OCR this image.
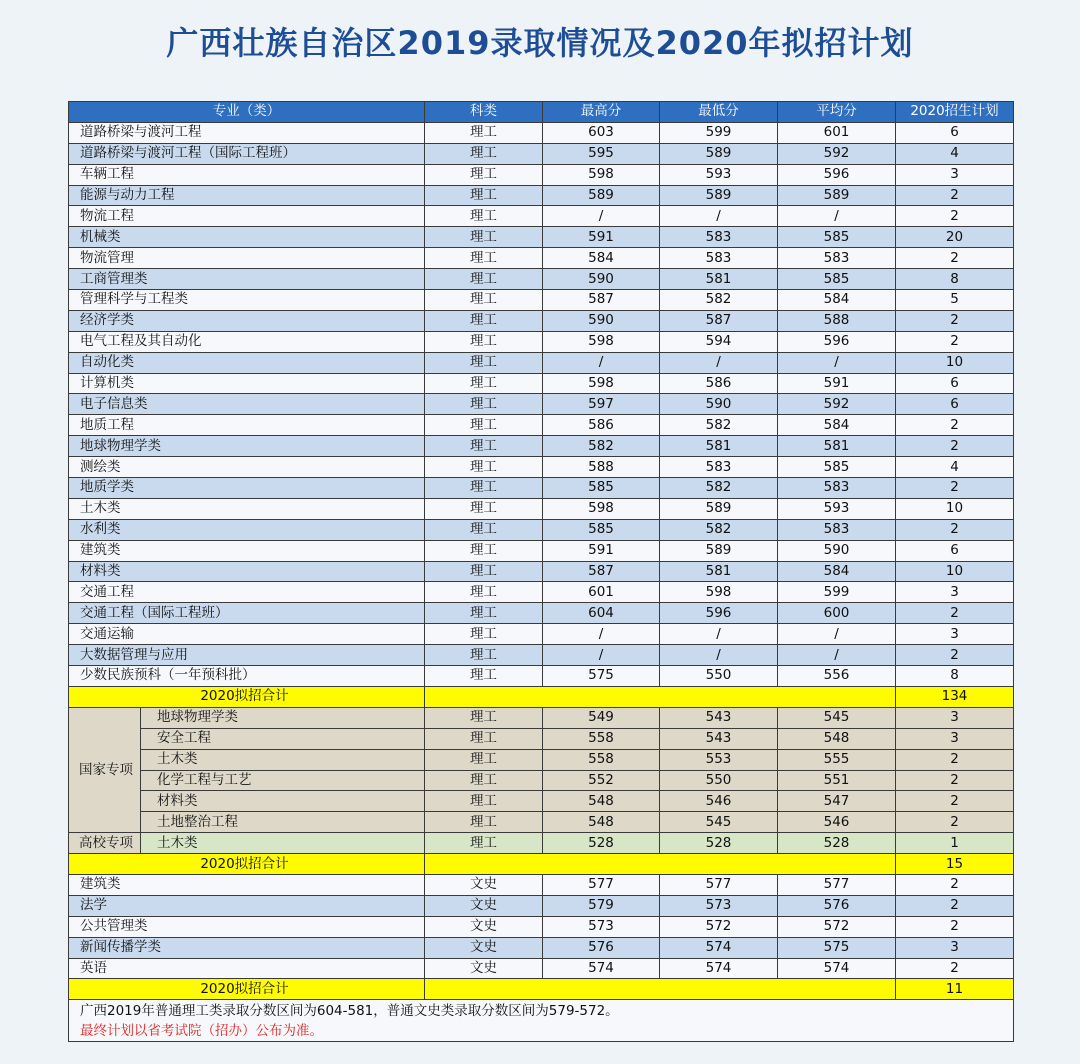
广西壮族自治区2019录取情况及2020年拟招计划
专业（类）		科类	最高分	最低分	平均分	2020招生计划
道路桥梁与渡河工程		理工	603	599	601	6
道路桥梁与渡河工程（国际工程班）		理工	595	589	592	4
车辆工程		理工	598	593	596	3
能源与动力工程		理工	589	589	589	2
物流工程		理工	/	/	/	2
机械类		理工	591	583	585	20
物流管理		理工	584	583	583	2
工商管理类		理工	590	581	585	8
管理科学与工程类		理工	587	582	584	5
经济学类		理工	590	587	588	2
电气工程及其自动化		理工	598	594	596	2
自动化类		理工	/	/	/	10
计算机类		理工	598	586	591	6
电子信息类		理工	597	590	592	6
地质工程		理工	586	582	584	2
地球物理学类		理工	582	581	581	2
测绘类		理工	588	583	585	4
地质学类		理工	585	582	583	2
土木类		理工	598	589	593	10
水利类		理工	585	582	583	2
建筑类		理工	591	589	590	6
材料类		理工	587	581	584	10
交通工程		理工	601	598	599	3
交通工程（国际工程班）		理工	604	596	600	2
交通运输		理工	/	/	/	3
大数据管理与应用		理工	/	/	/	2
少数民族预科（一年预科批）		理工	575	550	556	8
2020拟招合计						134
国家专项	地球物理学类	理工	549	543	545	3
	安全工程	理工	558	543	548	3
	土木类	理工	558	553	555	2
	化学工程与工艺	理工	552	550	551	2
	材料类	理工	548	546	547	2
	土地整治工程	理工	548	545	546	2
高校专项	土木类	理工	528	528	528	1
2020拟招合计						15
建筑类		文史	577	577	577	2
法学		文史	579	573	576	2
公共管理类		文史	573	572	572	2
新闻传播学类		文史	576	574	575	3
英语		文史	574	574	574	2
2020拟招合计						11

广西2019年普通理工类录取分数区间为604-581，普通文史类录取分数区间为579-572。
最终计划以省考试院（招办）公布为准。						
